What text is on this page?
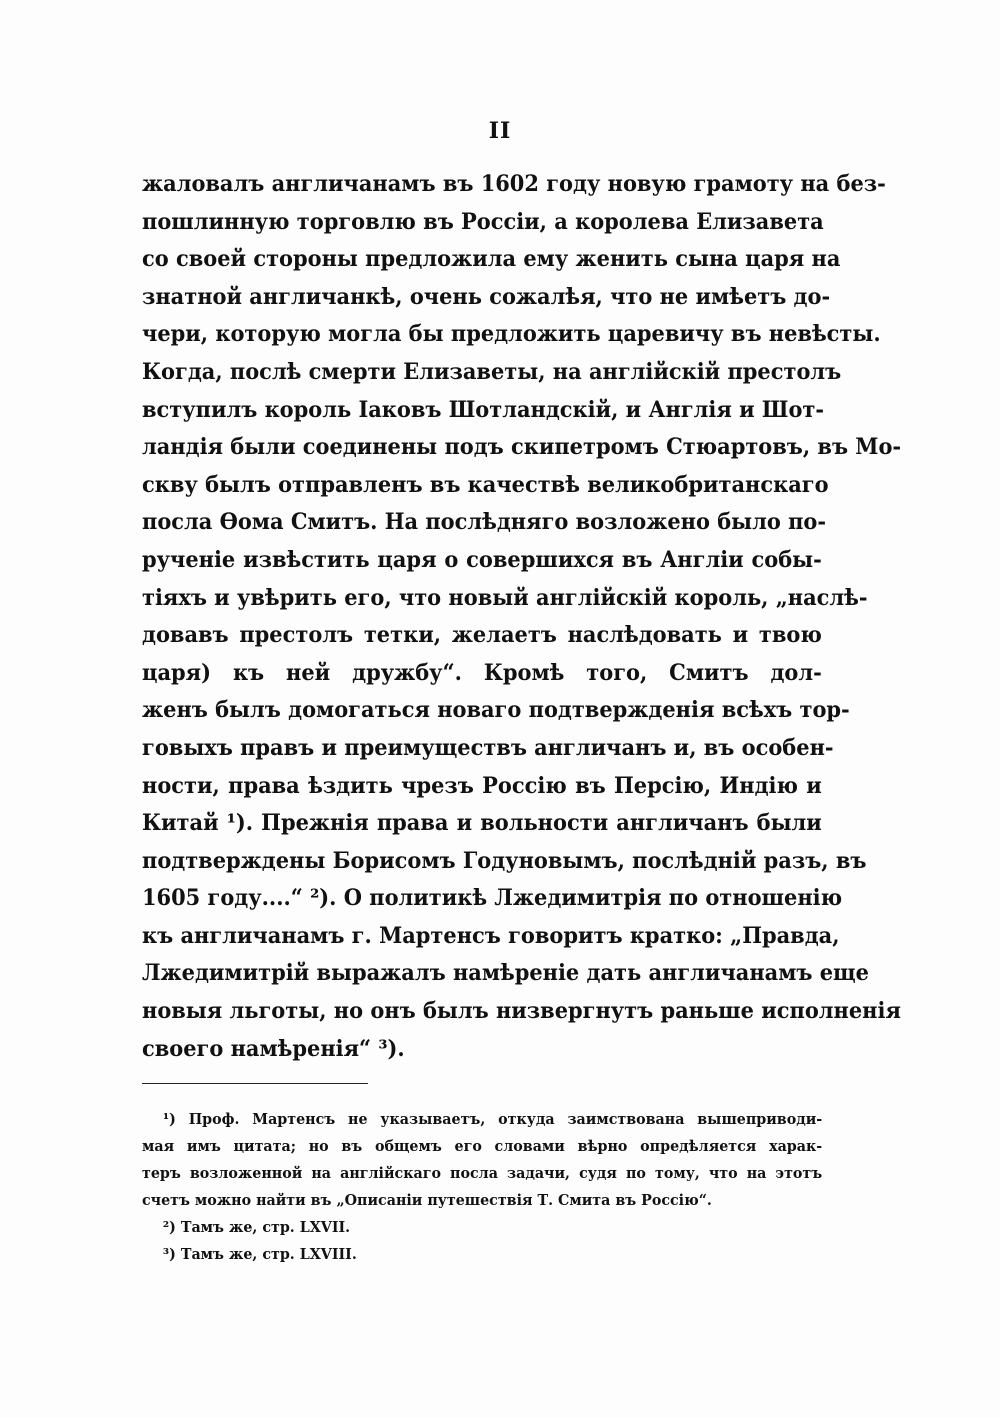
II
жаловалъ англичанамъ въ 1602 году новую грамоту на без-
пошлинную торговлю въ Россіи, а королева Елизавета
со своей стороны предложила ему женить сына царя на
знатной англичанкѣ, очень сожалѣя, что не имѣетъ до-
чери, которую могла бы предложить царевичу въ невѣсты.
Когда, послѣ смерти Елизаветы, на англійскій престолъ
вступилъ король Іаковъ Шотландскій, и Англія и Шот-
ландія были соединены подъ скипетромъ Стюартовъ, въ Мо-
скву былъ отправленъ въ качествѣ великобританскаго
посла Ѳома Смитъ. На послѣдняго возложено было по-
рученіе извѣстить царя о совершихся въ Англіи собы-
тіяхъ и увѣрить его, что новый англійскій король, „наслѣ-
довавъ престолъ тетки, желаетъ наслѣдовать и твою
царя) къ ней дружбу“. Кромѣ того, Смитъ дол-
женъ былъ домогаться новаго подтвержденія всѣхъ тор-
говыхъ правъ и преимуществъ англичанъ и, въ особен-
ности, права ѣздить чрезъ Россію въ Персію, Индію и
Китай ¹). Прежнія права и вольности англичанъ были
подтверждены Борисомъ Годуновымъ, послѣдній разъ, въ
1605 году....“ ²). О политикѣ Лжедимитрія по отношенію
къ англичанамъ г. Мартенсъ говоритъ кратко: „Правда,
Лжедимитрій выражалъ намѣреніе дать англичанамъ еще
новыя льготы, но онъ былъ низвергнутъ раньше исполненія
своего намѣренія“ ³).
¹) Проф. Мартенсъ не указываетъ, откуда заимствована вышеприводи-
мая имъ цитата; но въ общемъ его словами вѣрно опредѣляется харак-
теръ возложенной на англійскаго посла задачи, судя по тому, что на этотъ
счетъ можно найти въ „Описаніи путешествія Т. Смита въ Россію“.
²) Тамъ же, стр. LXVII.
³) Тамъ же, стр. LXVIII.
